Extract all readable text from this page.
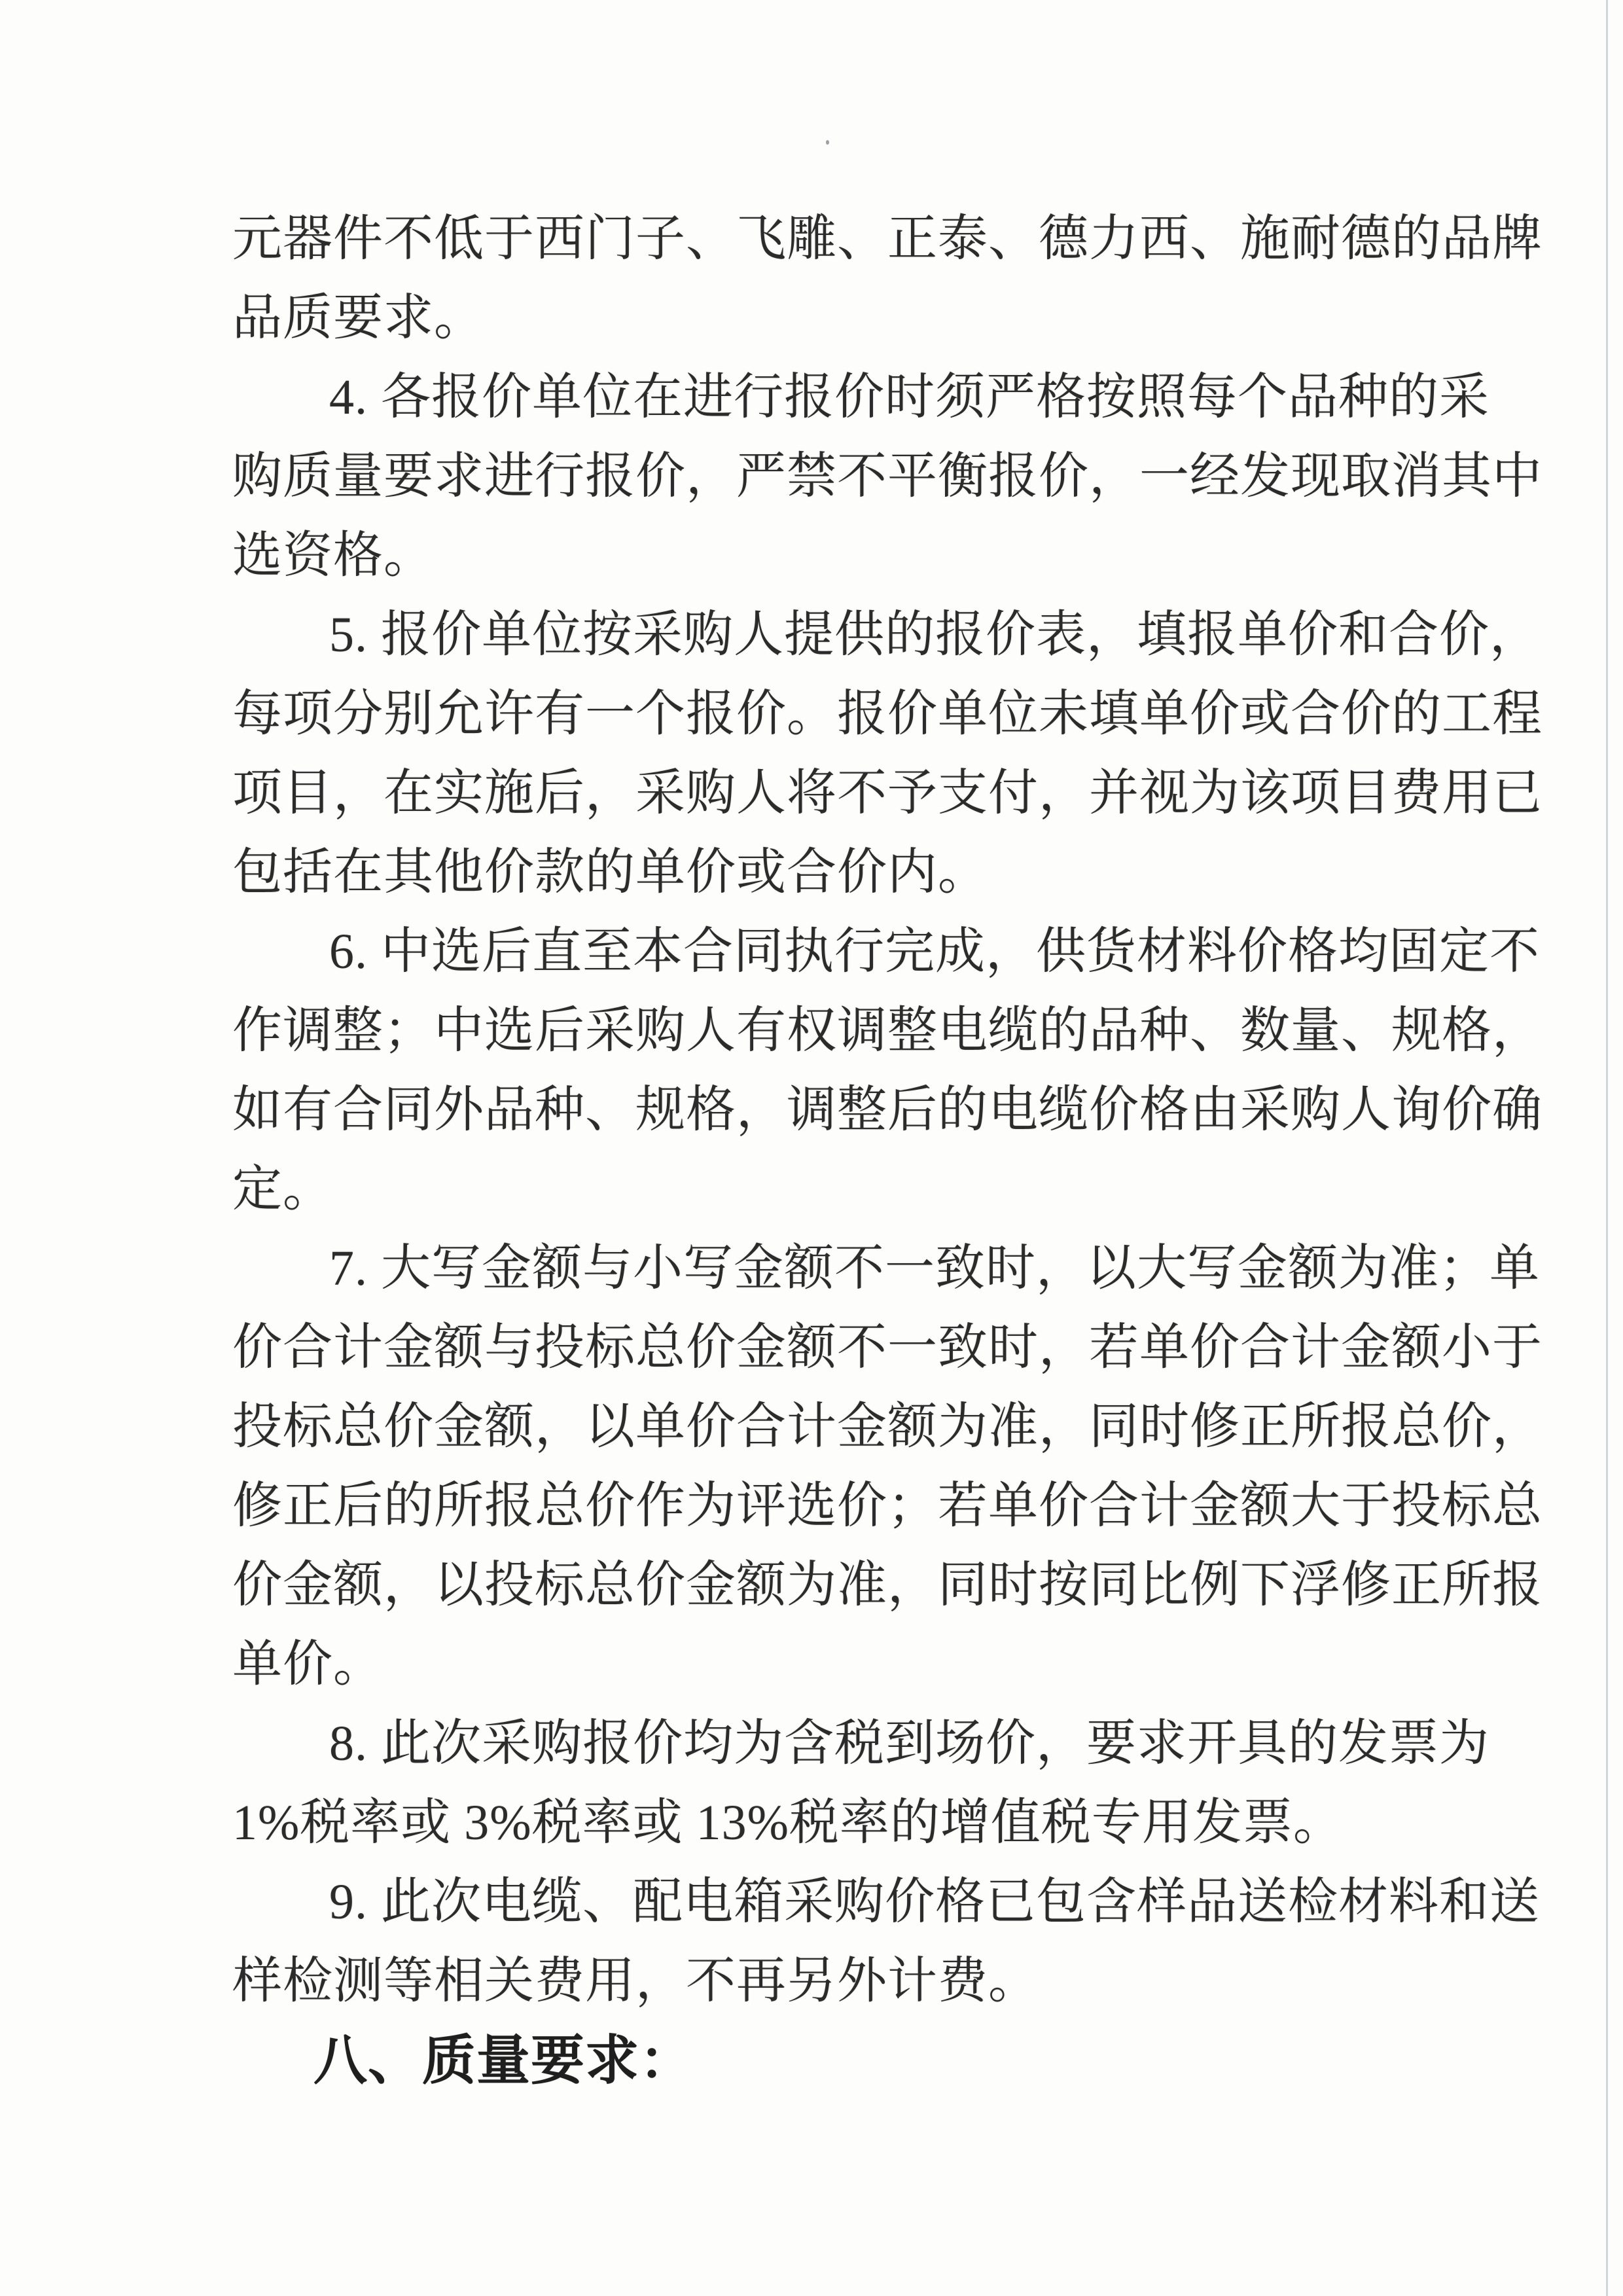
元器件不低于西门子、飞雕、正泰、德力西、施耐德的品牌
品质要求。
4. 各报价单位在进行报价时须严格按照每个品种的采
购质量要求进行报价，严禁不平衡报价，一经发现取消其中
选资格。
5. 报价单位按采购人提供的报价表，填报单价和合价，
每项分别允许有一个报价。报价单位未填单价或合价的工程
项目，在实施后，采购人将不予支付，并视为该项目费用已
包括在其他价款的单价或合价内。
6. 中选后直至本合同执行完成，供货材料价格均固定不
作调整；中选后采购人有权调整电缆的品种、数量、规格，
如有合同外品种、规格，调整后的电缆价格由采购人询价确
定。
7. 大写金额与小写金额不一致时，以大写金额为准；单
价合计金额与投标总价金额不一致时，若单价合计金额小于
投标总价金额，以单价合计金额为准，同时修正所报总价，
修正后的所报总价作为评选价；若单价合计金额大于投标总
价金额，以投标总价金额为准，同时按同比例下浮修正所报
单价。
8. 此次采购报价均为含税到场价，要求开具的发票为
1%税率或 3%税率或 13%税率的增值税专用发票。
9. 此次电缆、配电箱采购价格已包含样品送检材料和送
样检测等相关费用，不再另外计费。
八、质量要求：
